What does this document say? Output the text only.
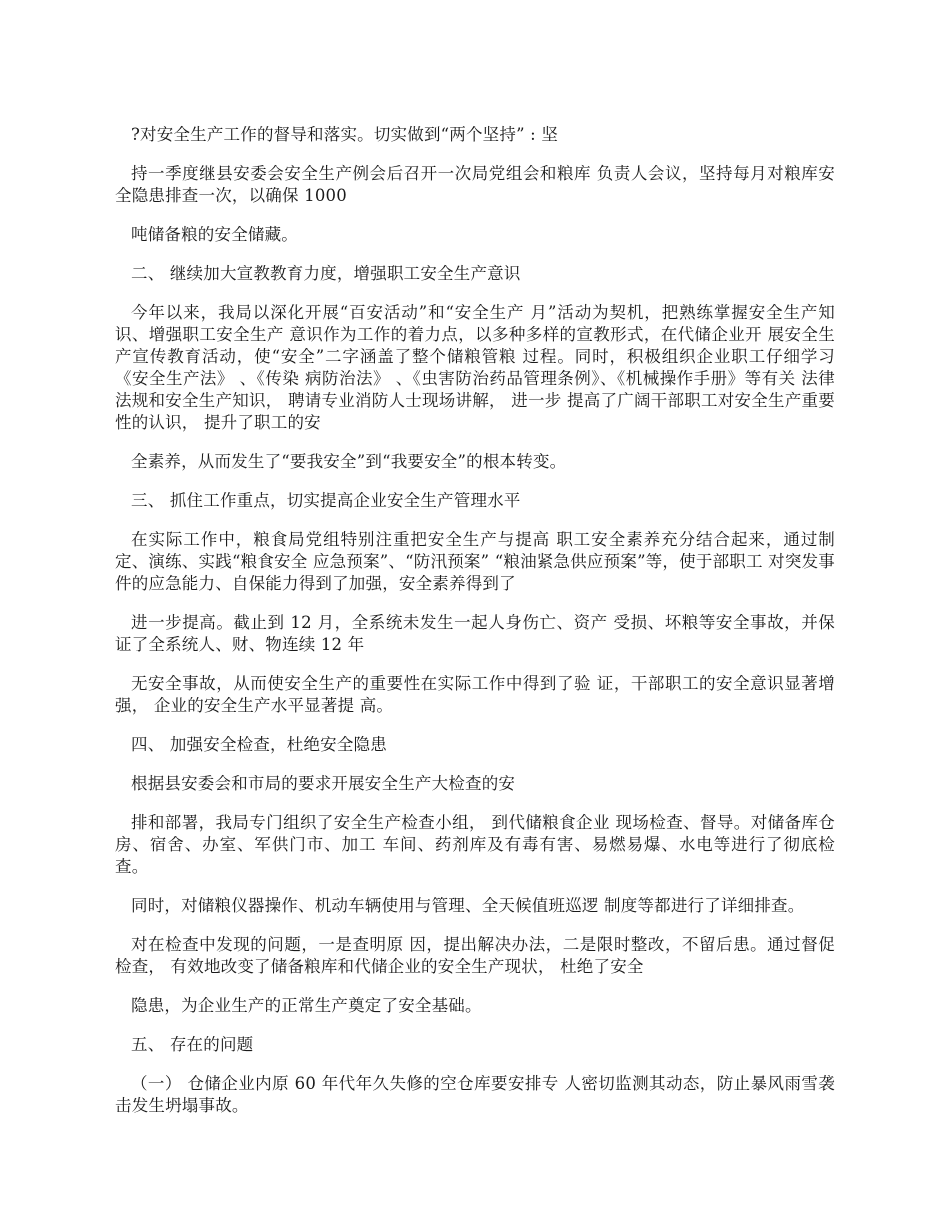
?对安全生产工作的督导和落实。切实做到“两个坚持” : 坚

持一季度继县安委会安全生产例会后召开一次局党组会和粮库 负责人会议，坚持每月对粮库安全隐患排查一次，以确保 1000

吨储备粮的安全储藏。

二、 继续加大宣教教育力度，增强职工安全生产意识

今年以来，我局以深化开展“百安活动”和“安全生产 月”活动为契机，把熟练掌握安全生产知识、增强职工安全生产 意识作为工作的着力点，以多种多样的宣教形式，在代储企业开 展安全生产宣传教育活动，使“安全”二字涵盖了整个储粮管粮 过程。同时，积极组织企业职工仔细学习《安全生产法》 、《传染 病防治法》 、《虫害防治药品管理条例》、《机械操作手册》等有关 法律法规和安全生产知识， 聘请专业消防人士现场讲解， 进一步 提高了广阔干部职工对安全生产重要性的认识， 提升了职工的安

全素养，从而发生了“要我安全”到“我要安全”的根本转变。

三、 抓住工作重点，切实提高企业安全生产管理水平

在实际工作中，粮食局党组特别注重把安全生产与提高 职工安全素养充分结合起来，通过制定、演练、实践“粮食安全 应急预案”、“防汛预案” “粮油紧急供应预案”等，使于部职工 对突发事件的应急能力、自保能力得到了加强，安全素养得到了

进一步提高。截止到 12 月，全系统未发生一起人身伤亡、资产 受损、坏粮等安全事故，并保证了全系统人、财、物连续 12 年

无安全事故，从而使安全生产的重要性在实际工作中得到了验 证，干部职工的安全意识显著增强， 企业的安全生产水平显著提 高。

四、 加强安全检查，杜绝安全隐患

根据县安委会和市局的要求开展安全生产大检查的安

排和部署，我局专门组织了安全生产检查小组， 到代储粮食企业 现场检查、督导。对储备库仓房、宿舍、办室、军供门市、加工 车间、药剂库及有毒有害、易燃易爆、水电等进行了彻底检查。

同时，对储粮仪器操作、机动车辆使用与管理、全天候值班巡逻 制度等都进行了详细排查。

对在检查中发现的问题，一是查明原 因，提出解决办法，二是限时整改，不留后患。通过督促检查， 有效地改变了储备粮库和代储企业的安全生产现状， 杜绝了安全

隐患，为企业生产的正常生产奠定了安全基础。

五、 存在的问题

（一） 仓储企业内原 60 年代年久失修的空仓库要安排专 人密切监测其动态，防止暴风雨雪袭击发生坍塌事故。
